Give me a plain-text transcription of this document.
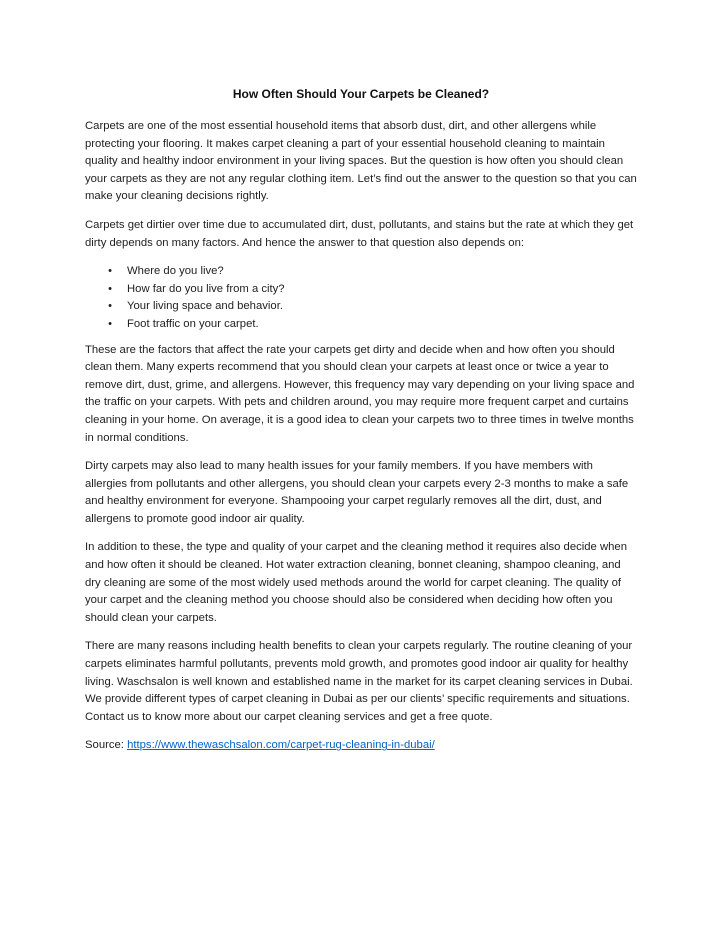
How Often Should Your Carpets be Cleaned?

Carpets are one of the most essential household items that absorb dust, dirt, and other allergens while protecting your flooring. It makes carpet cleaning a part of your essential household cleaning to maintain quality and healthy indoor environment in your living spaces. But the question is how often you should clean your carpets as they are not any regular clothing item. Let’s find out the answer to the question so that you can make your cleaning decisions rightly.

Carpets get dirtier over time due to accumulated dirt, dust, pollutants, and stains but the rate at which they get dirty depends on many factors. And hence the answer to that question also depends on:

• Where do you live?
• How far do you live from a city?
• Your living space and behavior.
• Foot traffic on your carpet.

These are the factors that affect the rate your carpets get dirty and decide when and how often you should clean them. Many experts recommend that you should clean your carpets at least once or twice a year to remove dirt, dust, grime, and allergens. However, this frequency may vary depending on your living space and the traffic on your carpets. With pets and children around, you may require more frequent carpet and curtains cleaning in your home. On average, it is a good idea to clean your carpets two to three times in twelve months in normal conditions.

Dirty carpets may also lead to many health issues for your family members. If you have members with allergies from pollutants and other allergens, you should clean your carpets every 2-3 months to make a safe and healthy environment for everyone. Shampooing your carpet regularly removes all the dirt, dust, and allergens to promote good indoor air quality.

In addition to these, the type and quality of your carpet and the cleaning method it requires also decide when and how often it should be cleaned. Hot water extraction cleaning, bonnet cleaning, shampoo cleaning, and dry cleaning are some of the most widely used methods around the world for carpet cleaning. The quality of your carpet and the cleaning method you choose should also be considered when deciding how often you should clean your carpets.

There are many reasons including health benefits to clean your carpets regularly. The routine cleaning of your carpets eliminates harmful pollutants, prevents mold growth, and promotes good indoor air quality for healthy living. Waschsalon is well known and established name in the market for its carpet cleaning services in Dubai. We provide different types of carpet cleaning in Dubai as per our clients’ specific requirements and situations. Contact us to know more about our carpet cleaning services and get a free quote.

Source: https://www.thewaschsalon.com/carpet-rug-cleaning-in-dubai/
